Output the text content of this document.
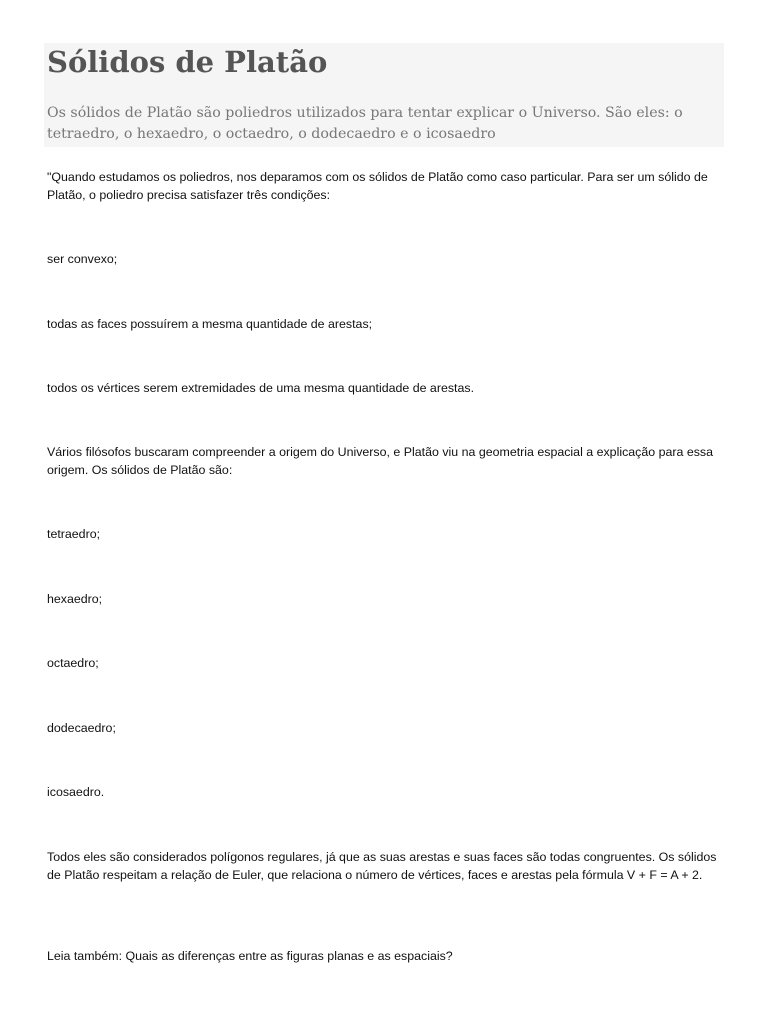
Sólidos de Platão

Os sólidos de Platão são poliedros utilizados para tentar explicar o Universo. São eles: o tetraedro, o hexaedro, o octaedro, o dodecaedro e o icosaedro

"Quando estudamos os poliedros, nos deparamos com os sólidos de Platão como caso particular. Para ser um sólido de Platão, o poliedro precisa satisfazer três condições:

ser convexo;

todas as faces possuírem a mesma quantidade de arestas;

todos os vértices serem extremidades de uma mesma quantidade de arestas.

Vários filósofos buscaram compreender a origem do Universo, e Platão viu na geometria espacial a explicação para essa origem. Os sólidos de Platão são:

tetraedro;

hexaedro;

octaedro;

dodecaedro;

icosaedro.

Todos eles são considerados polígonos regulares, já que as suas arestas e suas faces são todas congruentes. Os sólidos de Platão respeitam a relação de Euler, que relaciona o número de vértices, faces e arestas pela fórmula V + F = A + 2.

Leia também: Quais as diferenças entre as figuras planas e as espaciais?
